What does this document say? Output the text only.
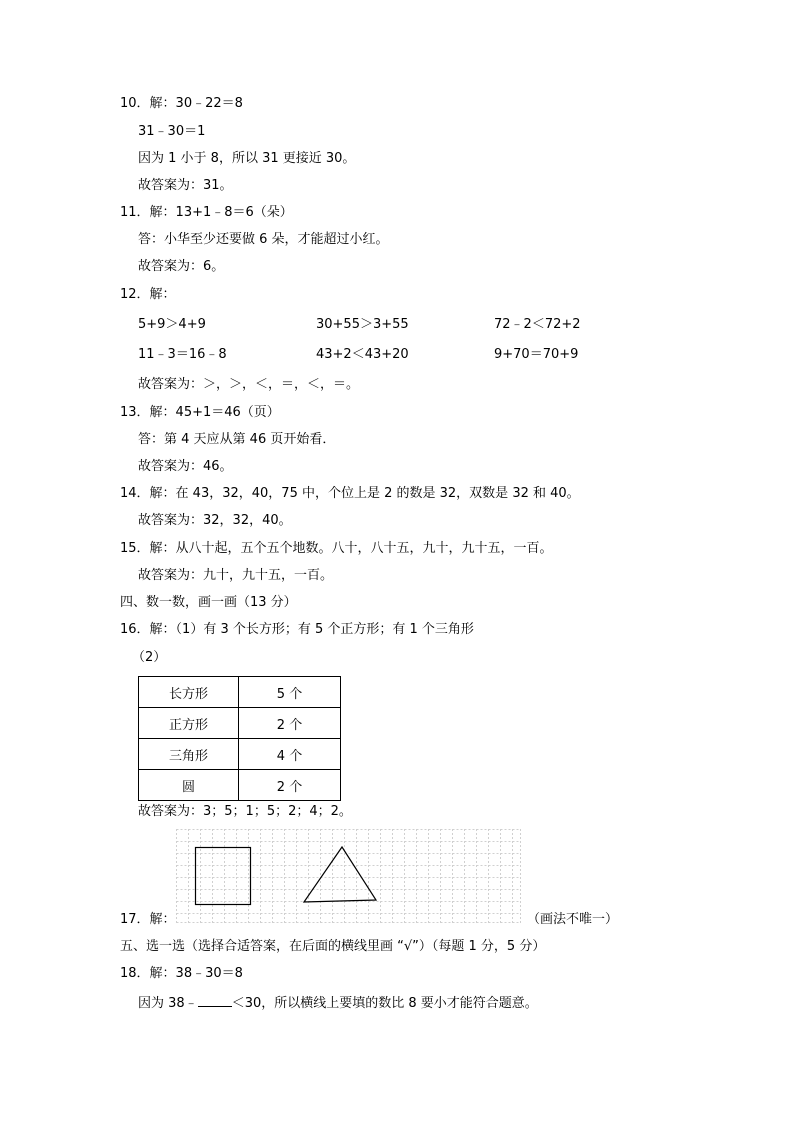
10．解：30﹣22＝8
31﹣30＝1
因为 1 小于 8，所以 31 更接近 30。
故答案为：31。
11．解：13+1﹣8＝6（朵）
答：小华至少还要做 6 朵，才能超过小红。
故答案为：6。
12．解：
5+9＞4+9	30+55＞3+55	72﹣2＜72+2
11﹣3＝16﹣8	43+2＜43+20	9+70＝70+9
故答案为：＞，＞，＜，＝，＜，＝。
13．解：45+1＝46（页）
答：第 4 天应从第 46 页开始看．
故答案为：46。
14．解：在 43，32，40，75 中，个位上是 2 的数是 32，双数是 32 和 40。
故答案为：32，32，40。
15．解：从八十起，五个五个地数。八十，八十五，九十，九十五，一百。
故答案为：九十，九十五，一百。
四、数一数，画一画（13 分）
16．解：（1）有 3 个长方形；有 5 个正方形；有 1 个三角形
（2）
长方形	5 个
正方形	2 个
三角形	4 个
圆	2 个
故答案为：3；5；1；5；2；4；2。
17．解：	（画法不唯一）
五、选一选（选择合适答案，在后面的横线里画 “√”）（每题 1 分，5 分）
18．解：38﹣30＝8
因为 38﹣	＜30，所以横线上要填的数比 8 要小才能符合题意。
